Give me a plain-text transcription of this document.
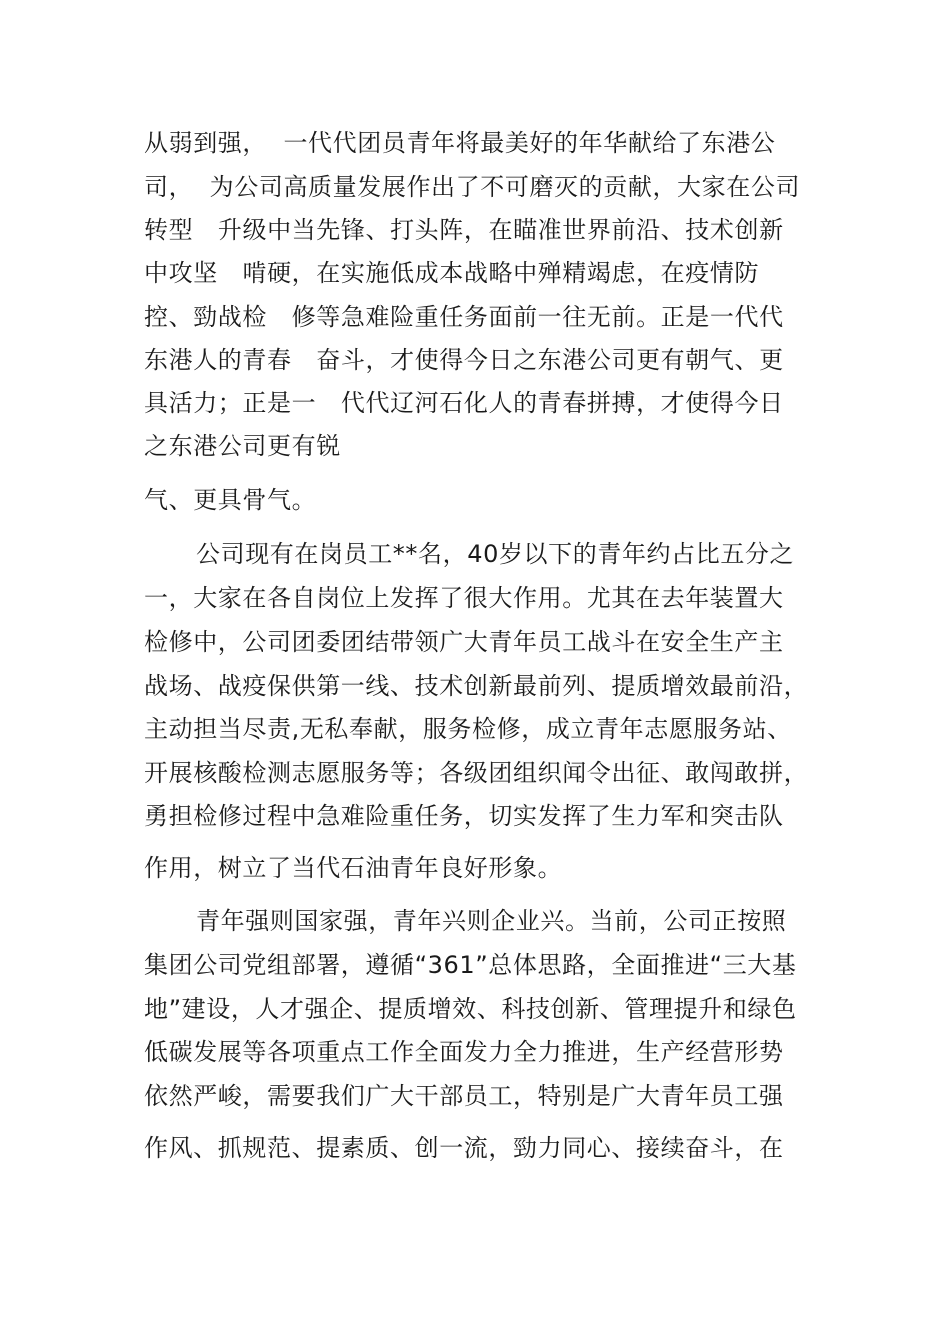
从弱到强，  一代代团员青年将最美好的年华献给了东港公
司，  为公司高质量发展作出了不可磨灭的贡献，大家在公司
转型   升级中当先锋、打头阵，在瞄准世界前沿、技术创新
中攻坚   啃硬，在实施低成本战略中殚精竭虑，在疫情防
控、勁战检   修等急难险重任务面前一往无前。正是一代代
东港人的青春   奋斗，才使得今日之东港公司更有朝气、更
具活力；正是一   代代辽河石化人的青春拼搏，才使得今日
之东港公司更有锐
气、更具骨气。
公司现有在岗员工**名，40岁以下的青年约占比五分之
一，大家在各自岗位上发挥了很大作用。尤其在去年装置大
检修中，公司团委团结带领广大青年员工战斗在安全生产主
战场、战疫保供第一线、技术创新最前列、提质增效最前沿，
主动担当尽责,无私奉献，服务检修，成立青年志愿服务站、
开展核酸检测志愿服务等；各级团组织闻令出征、敢闯敢拼，
勇担检修过程中急难险重任务，切实发挥了生力军和突击队
作用，树立了当代石油青年良好形象。
青年强则国家强，青年兴则企业兴。当前，公司正按照
集团公司党组部署，遵循“361”总体思路，全面推进“三大基
地”建设，人才强企、提质增效、科技创新、管理提升和绿色
低碳发展等各项重点工作全面发力全力推进，生产经营形势
依然严峻，需要我们广大干部员工，特别是广大青年员工强
作风、抓规范、提素质、创一流，勁力同心、接续奋斗，在
